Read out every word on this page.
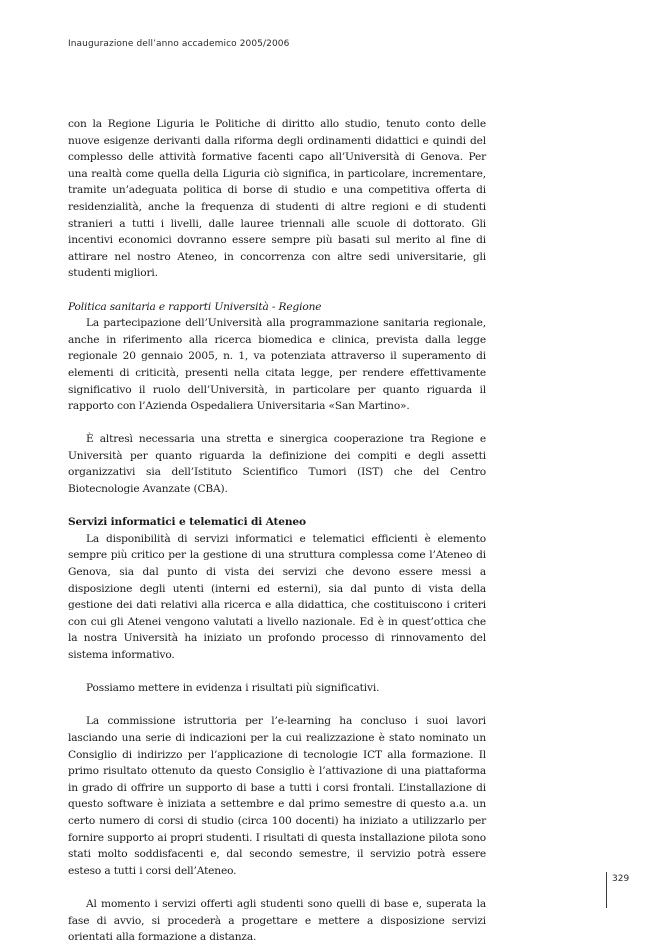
Inaugurazione dell’anno accademico 2005/2006

con la Regione Liguria le Politiche di diritto allo studio, tenuto conto delle nuove esigenze derivanti dalla riforma degli ordinamenti didattici e quindi del complesso delle attività formative facenti capo all’Università di Genova. Per una realtà come quella della Liguria ciò significa, in particolare, incrementare, tramite un’adeguata politica di borse di studio e una competitiva offerta di residenzialità, anche la frequenza di studenti di altre regioni e di studenti stranieri a tutti i livelli, dalle lauree triennali alle scuole di dottorato. Gli incentivi economici dovranno essere sempre più basati sul merito al fine di attirare nel nostro Ateneo, in concorrenza con altre sedi universitarie, gli studenti migliori.

Politica sanitaria e rapporti Università - Regione

La partecipazione dell’Università alla programmazione sanitaria regionale, anche in riferimento alla ricerca biomedica e clinica, prevista dalla legge regionale 20 gennaio 2005, n. 1, va potenziata attraverso il superamento di elementi di criticità, presenti nella citata legge, per rendere effettivamente significativo il ruolo dell’Università, in particolare per quanto riguarda il rapporto con l’Azienda Ospedaliera Universitaria «San Martino».

È altresì necessaria una stretta e sinergica cooperazione tra Regione e Università per quanto riguarda la definizione dei compiti e degli assetti organizzativi sia dell’Istituto Scientifico Tumori (IST) che del Centro Biotecnologie Avanzate (CBA).

Servizi informatici e telematici di Ateneo

La disponibilità di servizi informatici e telematici efficienti è elemento sempre più critico per la gestione di una struttura complessa come l’Ateneo di Genova, sia dal punto di vista dei servizi che devono essere messi a disposizione degli utenti (interni ed esterni), sia dal punto di vista della gestione dei dati relativi alla ricerca e alla didattica, che costituiscono i criteri con cui gli Atenei vengono valutati a livello nazionale. Ed è in quest’ottica che la nostra Università ha iniziato un profondo processo di rinnovamento del sistema informativo.

Possiamo mettere in evidenza i risultati più significativi.

La commissione istruttoria per l’e-learning ha concluso i suoi lavori lasciando una serie di indicazioni per la cui realizzazione è stato nominato un Consiglio di indirizzo per l’applicazione di tecnologie ICT alla formazione. Il primo risultato ottenuto da questo Consiglio è l’attivazione di una piattaforma in grado di offrire un supporto di base a tutti i corsi frontali. L’installazione di questo software è iniziata a settembre e dal primo semestre di questo a.a. un certo numero di corsi di studio (circa 100 docenti) ha iniziato a utilizzarlo per fornire supporto ai propri studenti. I risultati di questa installazione pilota sono stati molto soddisfacenti e, dal secondo semestre, il servizio potrà essere esteso a tutti i corsi dell’Ateneo.

Al momento i servizi offerti agli studenti sono quelli di base e, superata la fase di avvio, si procederà a progettare e mettere a disposizione servizi orientati alla formazione a distanza.

329
